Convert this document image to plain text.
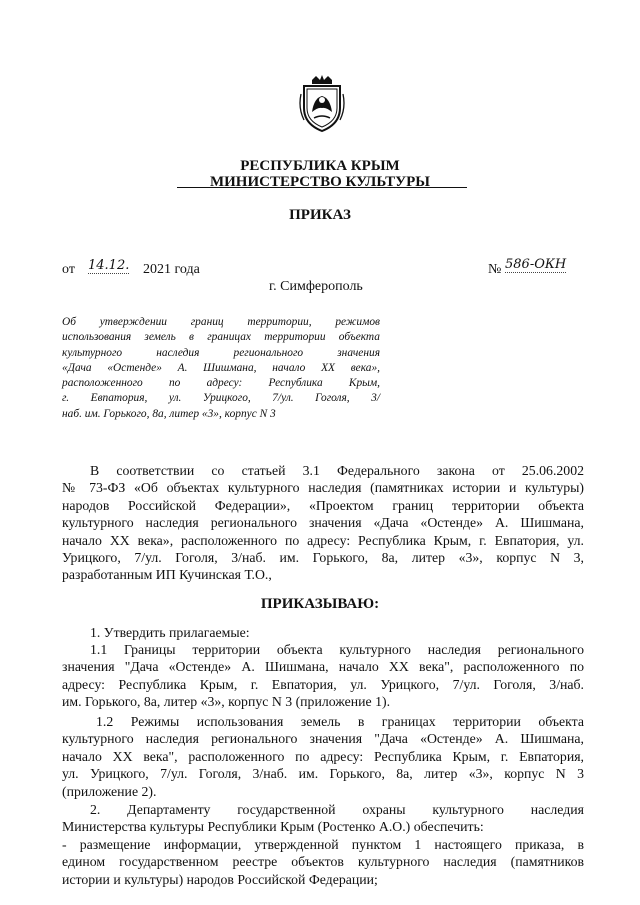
РЕСПУБЛИКА КРЫМ
МИНИСТЕРСТВО КУЛЬТУРЫ
ПРИКАЗ
от 14.12. 2021 года	№ 586-ОКН
г. Симферополь
Об утверждении границ территории, режимов
использования земель в границах территории объекта
культурного наследия регионального значения
«Дача «Остенде» А. Шишмана, начало XX века»,
расположенного по адресу: Республика Крым,
г. Евпатория, ул. Урицкого, 7/ул. Гоголя, 3/
наб. им. Горького, 8а, литер «3», корпус N 3
В соответствии со статьей 3.1 Федерального закона от 25.06.2002
№ 73-ФЗ «Об объектах культурного наследия (памятниках истории и культуры)
народов Российской Федерации», «Проектом границ территории объекта
культурного наследия регионального значения «Дача «Остенде» А. Шишмана,
начало XX века», расположенного по адресу: Республика Крым, г. Евпатория, ул.
Урицкого, 7/ул. Гоголя, 3/наб. им. Горького, 8а, литер «3», корпус N 3,
разработанным ИП Кучинская Т.О.,
ПРИКАЗЫВАЮ:
1. Утвердить прилагаемые:
1.1 Границы территории объекта культурного наследия регионального
значения "Дача «Остенде» А. Шишмана, начало XX века", расположенного по
адресу: Республика Крым, г. Евпатория, ул. Урицкого, 7/ул. Гоголя, 3/наб.
им. Горького, 8а, литер «3», корпус N 3 (приложение 1).
1.2 Режимы использования земель в границах территории объекта
культурного наследия регионального значения "Дача «Остенде» А. Шишмана,
начало XX века", расположенного по адресу: Республика Крым, г. Евпатория,
ул. Урицкого, 7/ул. Гоголя, 3/наб. им. Горького, 8а, литер «3», корпус N 3
(приложение 2).
2. Департаменту государственной охраны культурного наследия
Министерства культуры Республики Крым (Ростенко А.О.) обеспечить:
- размещение информации, утвержденной пунктом 1 настоящего приказа, в
едином государственном реестре объектов культурного наследия (памятников
истории и культуры) народов Российской Федерации;
